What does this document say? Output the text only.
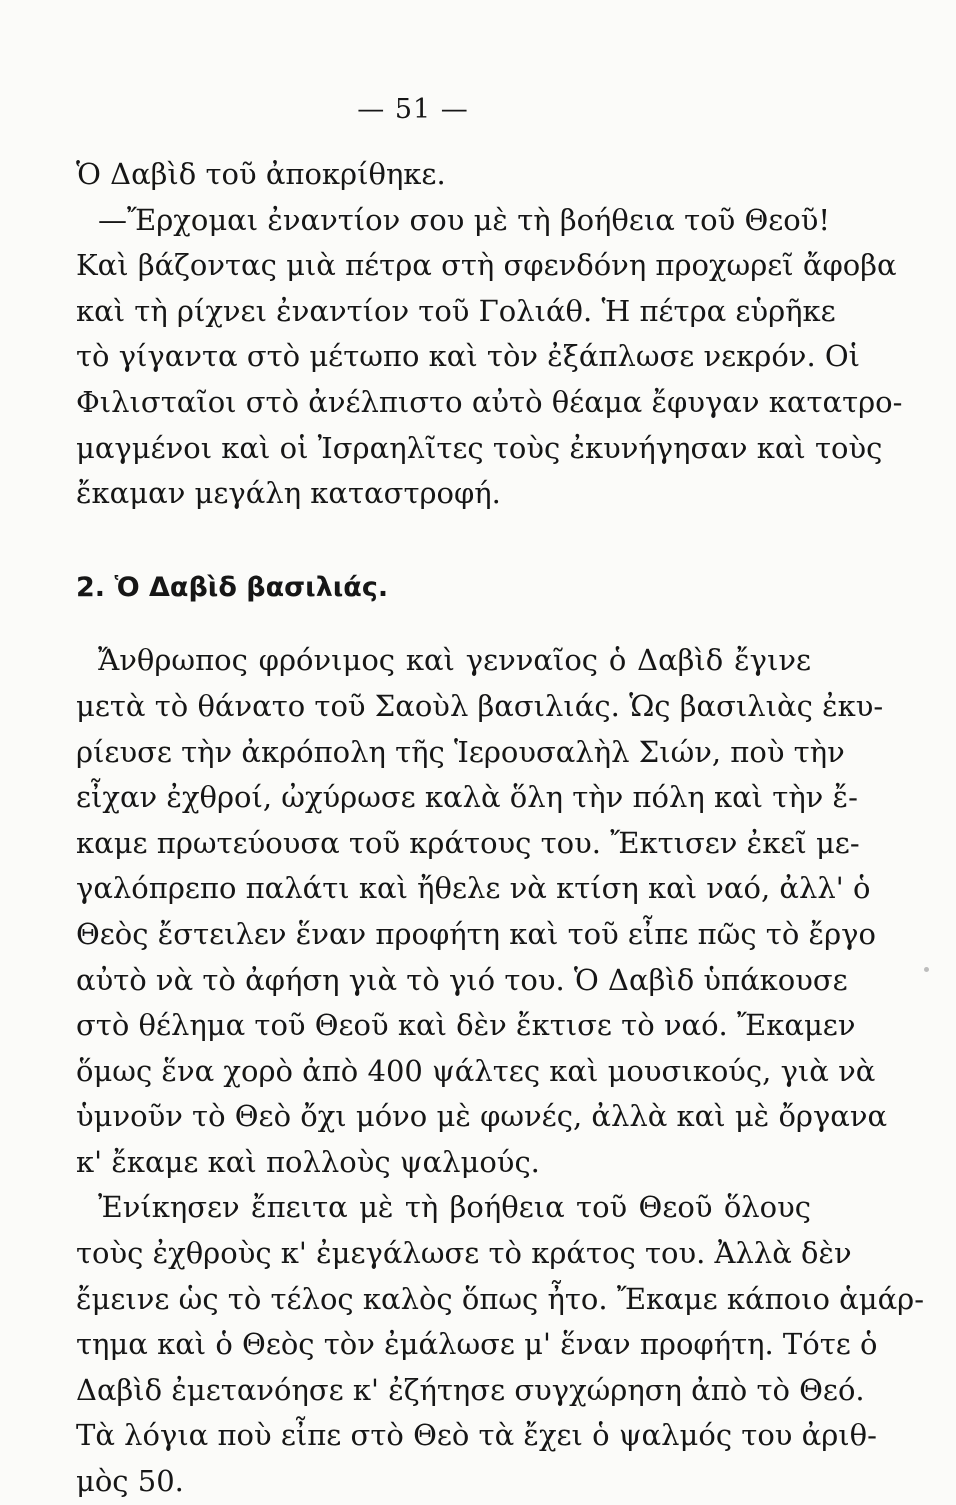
— 51 —
Ὁ Δαβὶδ τοῦ ἀποκρίθηκε.
—Ἔρχομαι ἐναντίον σου μὲ τὴ βοήθεια τοῦ Θεοῦ!
Καὶ βάζοντας μιὰ πέτρα στὴ σφενδόνη προχωρεῖ ἄφοβα
καὶ τὴ ρίχνει ἐναντίον τοῦ Γολιάθ. Ἡ πέτρα εὑρῆκε
τὸ γίγαντα στὸ μέτωπο καὶ τὸν ἐξάπλωσε νεκρόν. Οἱ
Φιλισταῖοι στὸ ἀνέλπιστο αὐτὸ θέαμα ἔφυγαν κατατρο-
μαγμένοι καὶ οἱ Ἰσραηλῖτες τοὺς ἐκυνήγησαν καὶ τοὺς
ἔκαμαν μεγάλη καταστροφή.
2. Ὁ Δαβὶδ βασιλιάς.
Ἄνθρωπος φρόνιμος καὶ γενναῖος ὁ Δαβὶδ ἔγινε
μετὰ τὸ θάνατο τοῦ Σαοὺλ βασιλιάς. Ὡς βασιλιὰς ἐκυ-
ρίευσε τὴν ἀκρόπολη τῆς Ἱερουσαλὴλ Σιών, ποὺ τὴν
εἶχαν ἐχθροί, ὠχύρωσε καλὰ ὅλη τὴν πόλη καὶ τὴν ἔ-
καμε πρωτεύουσα τοῦ κράτους του. Ἔκτισεν ἐκεῖ με-
γαλόπρεπο παλάτι καὶ ἤθελε νὰ κτίση καὶ ναό, ἀλλ' ὁ
Θεὸς ἔστειλεν ἕναν προφήτη καὶ τοῦ εἶπε πῶς τὸ ἔργο
αὐτὸ νὰ τὸ ἀφήση γιὰ τὸ γιό του. Ὁ Δαβὶδ ὑπάκουσε
στὸ θέλημα τοῦ Θεοῦ καὶ δὲν ἔκτισε τὸ ναό. Ἔκαμεν
ὅμως ἕνα χορὸ ἀπὸ 400 ψάλτες καὶ μουσικούς, γιὰ νὰ
ὑμνοῦν τὸ Θεὸ ὄχι μόνο μὲ φωνές, ἀλλὰ καὶ μὲ ὄργανα
κ' ἔκαμε καὶ πολλοὺς ψαλμούς.
Ἐνίκησεν ἔπειτα μὲ τὴ βοήθεια τοῦ Θεοῦ ὅλους
τοὺς ἐχθροὺς κ' ἐμεγάλωσε τὸ κράτος του. Ἀλλὰ δὲν
ἔμεινε ὡς τὸ τέλος καλὸς ὅπως ἦτο. Ἔκαμε κάποιο ἁμάρ-
τημα καὶ ὁ Θεὸς τὸν ἐμάλωσε μ' ἕναν προφήτη. Τότε ὁ
Δαβὶδ ἐμετανόησε κ' ἐζήτησε συγχώρηση ἀπὸ τὸ Θεό.
Τὰ λόγια ποὺ εἶπε στὸ Θεὸ τὰ ἔχει ὁ ψαλμός του ἀριθ-
μὸς 50.
